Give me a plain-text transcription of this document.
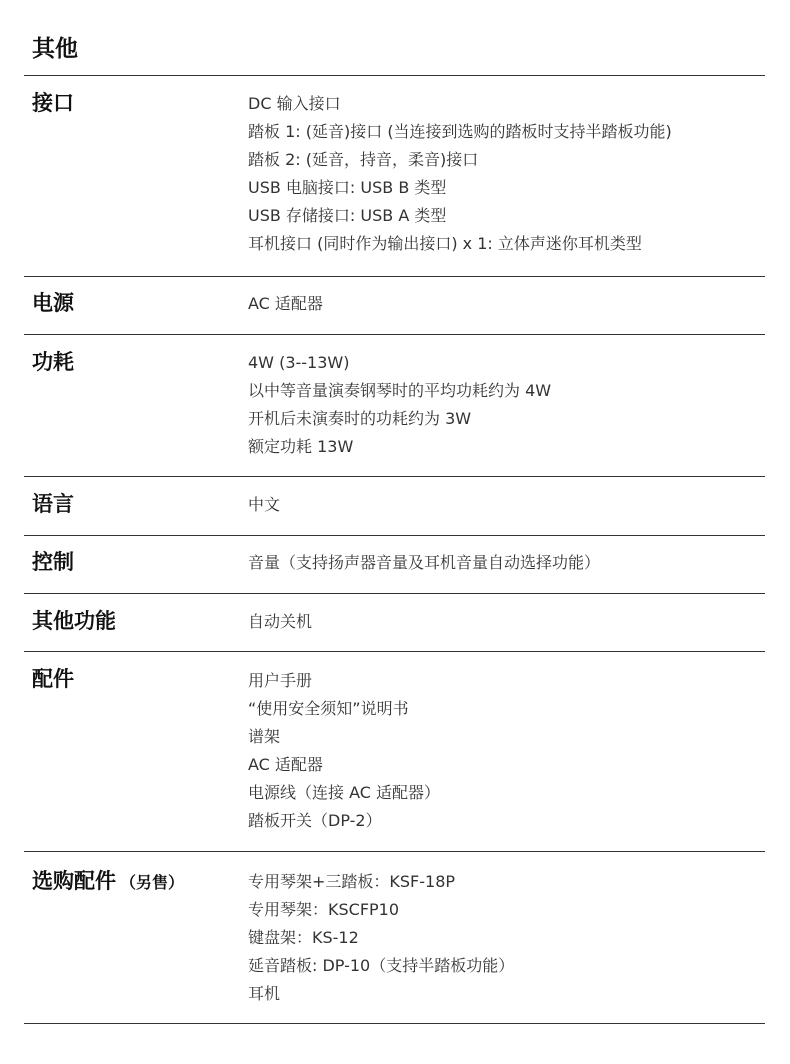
其他
接口	DC 输入接口
踏板 1: (延音)接口 (当连接到选购的踏板时支持半踏板功能)
踏板 2: (延音，持音，柔音)接口
USB 电脑接口: USB B 类型
USB 存储接口: USB A 类型
耳机接口 (同时作为输出接口) x 1: 立体声迷你耳机类型
电源	AC 适配器
功耗	4W (3--13W)
以中等音量演奏钢琴时的平均功耗约为 4W
开机后未演奏时的功耗约为 3W
额定功耗 13W
语言	中文
控制	音量（支持扬声器音量及耳机音量自动选择功能）
其他功能	自动关机
配件	用户手册
“使用安全须知”说明书
谱架
AC 适配器
电源线（连接 AC 适配器）
踏板开关（DP-2）
选购配件 （另售）	专用琴架+三踏板：KSF-18P
专用琴架：KSCFP10
键盘架：KS-12
延音踏板: DP-10（支持半踏板功能）
耳机
